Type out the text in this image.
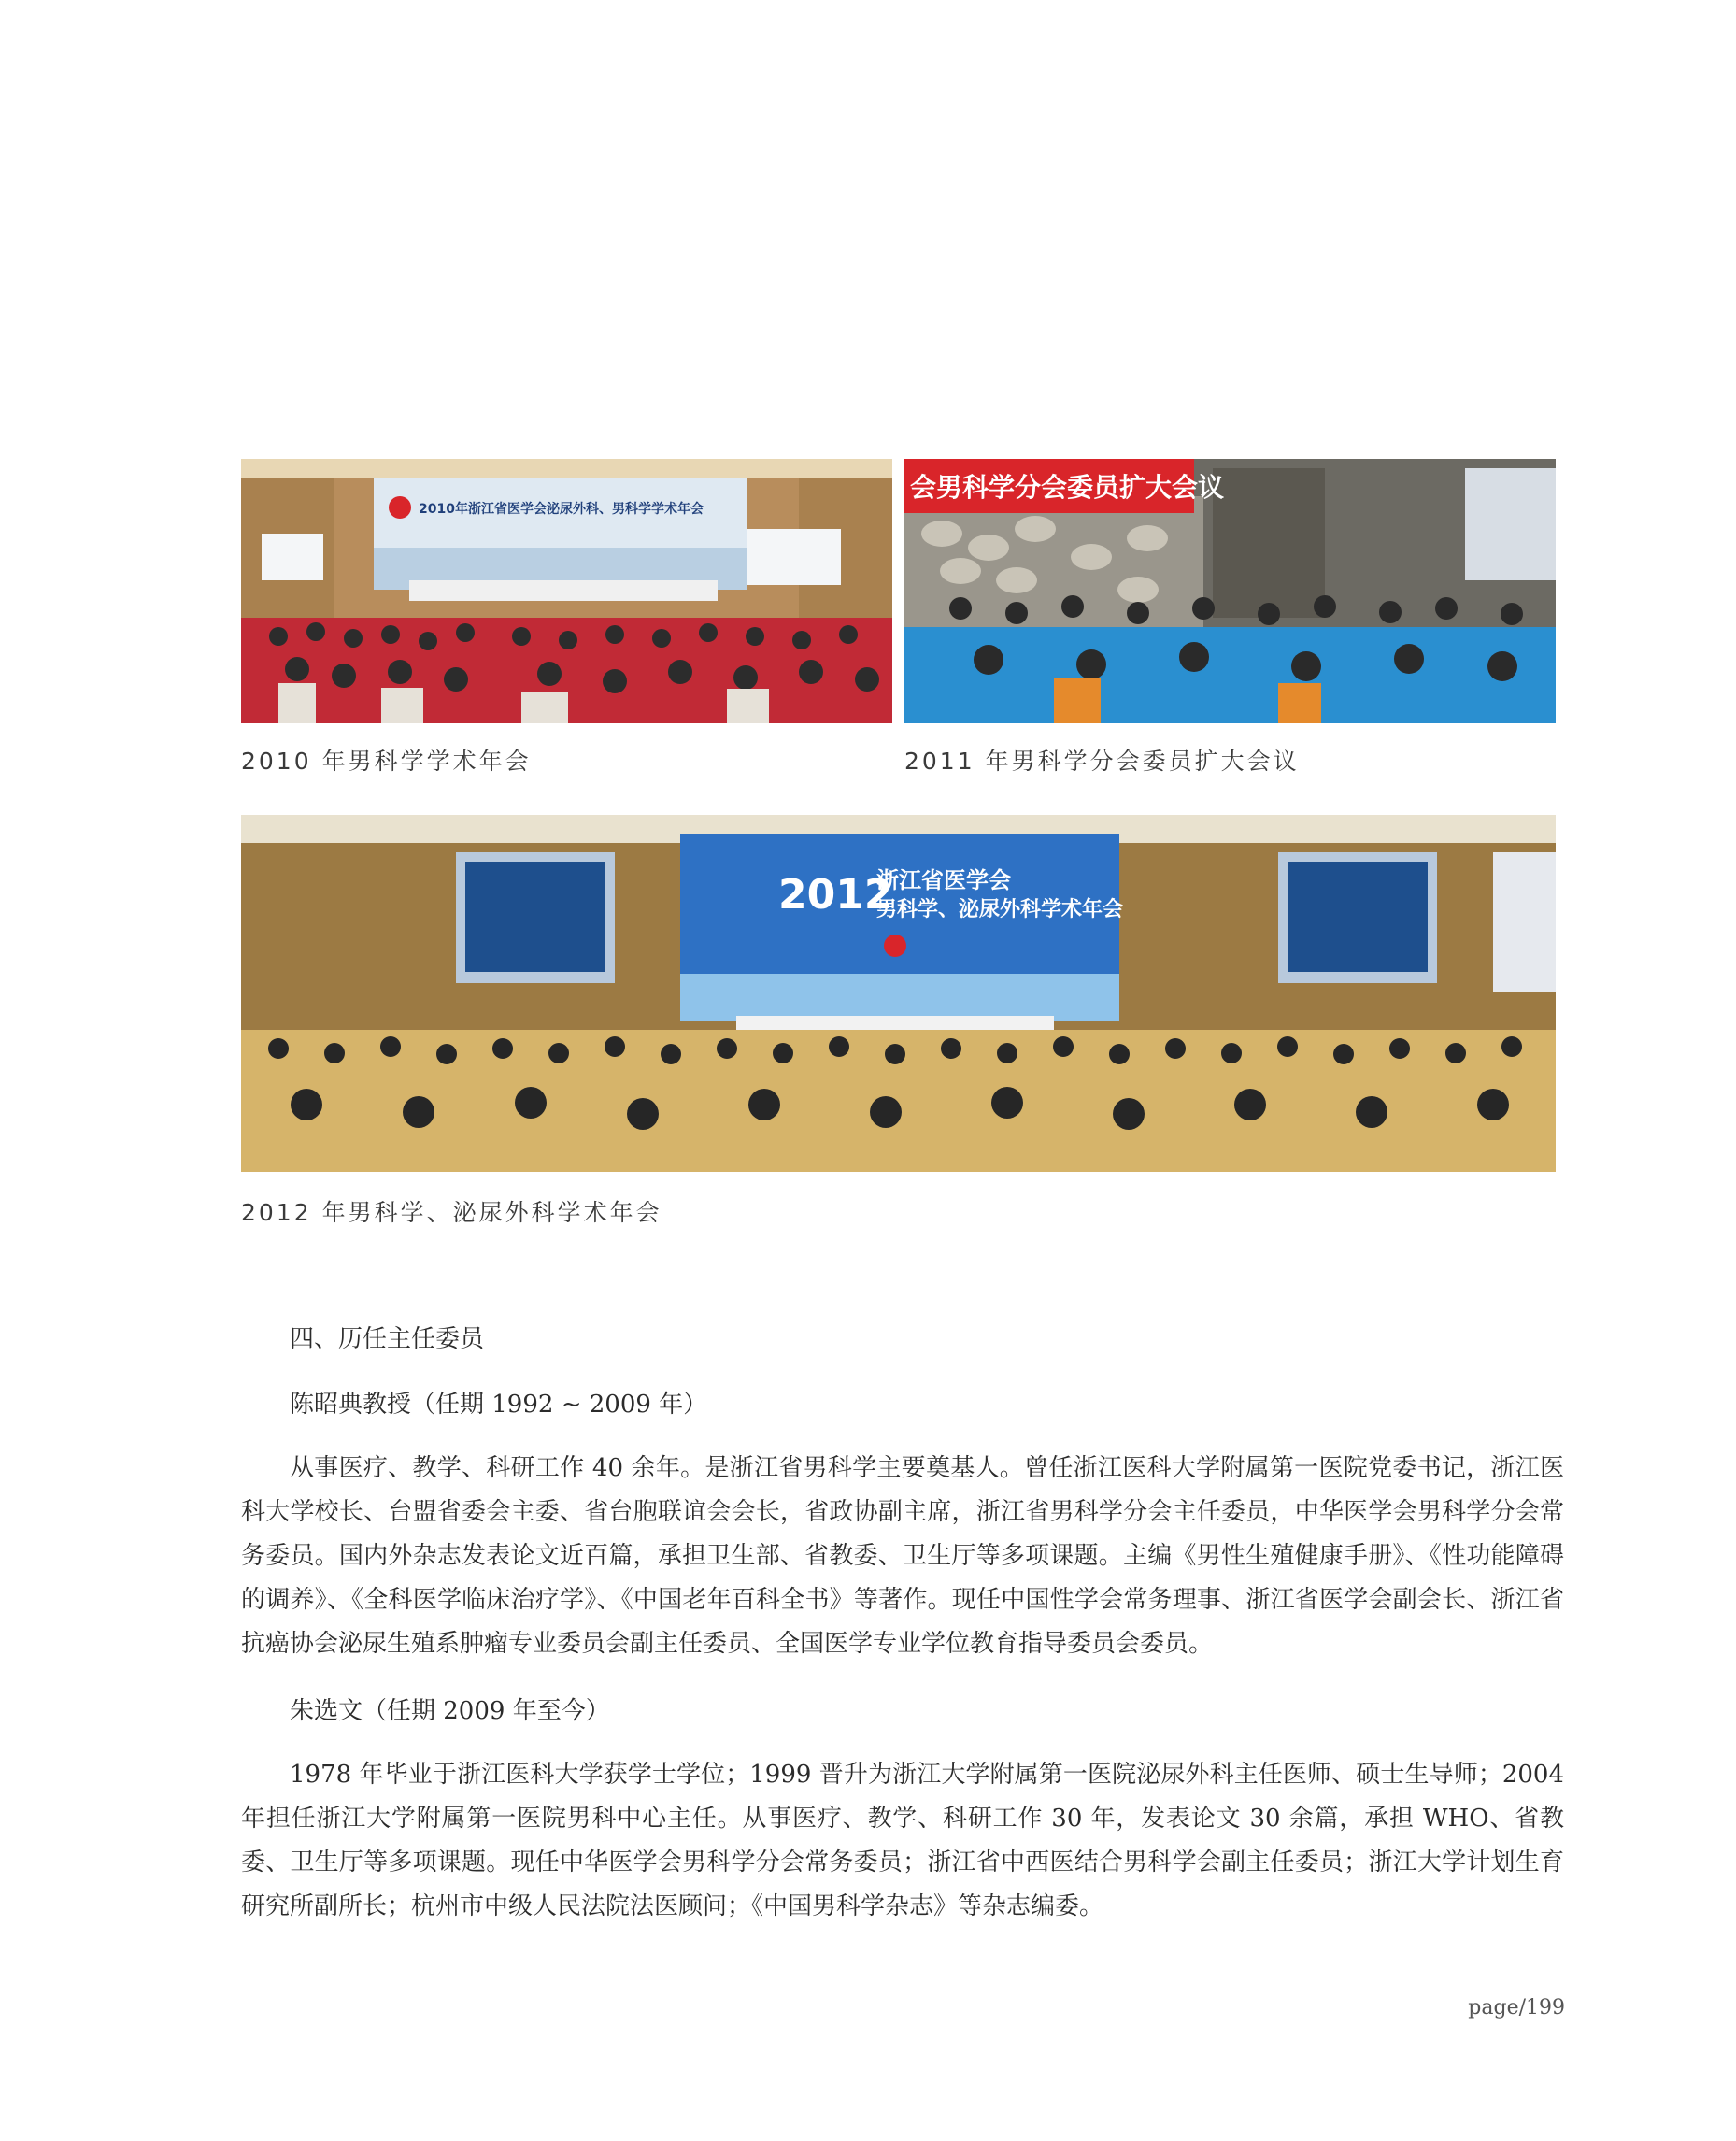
2010年浙江省医学会泌尿外科、男科学学术年会
2010 年男科学学术年会
会男科学分会委员扩大会议
2011 年男科学分会委员扩大会议
2012
浙江省医学会
男科学、泌尿外科学术年会
2012 年男科学、泌尿外科学术年会
四、历任主任委员
陈昭典教授（任期 1992 ~ 2009 年）
从事医疗、教学、科研工作 40 余年。是浙江省男科学主要奠基人。曾任浙江医科大学附属第一医院党委书记，浙江医科大学校长、台盟省委会主委、省台胞联谊会会长，省政协副主席，浙江省男科学分会主任委员，中华医学会男科学分会常务委员。国内外杂志发表论文近百篇，承担卫生部、省教委、卫生厅等多项课题。主编《男性生殖健康手册》、《性功能障碍的调养》、《全科医学临床治疗学》、《中国老年百科全书》等著作。现任中国性学会常务理事、浙江省医学会副会长、浙江省抗癌协会泌尿生殖系肿瘤专业委员会副主任委员、全国医学专业学位教育指导委员会委员。
朱选文（任期 2009 年至今）
1978 年毕业于浙江医科大学获学士学位；1999 晋升为浙江大学附属第一医院泌尿外科主任医师、硕士生导师；2004 年担任浙江大学附属第一医院男科中心主任。从事医疗、教学、科研工作 30 年，发表论文 30 余篇，承担 WHO、省教委、卫生厅等多项课题。现任中华医学会男科学分会常务委员；浙江省中西医结合男科学会副主任委员；浙江大学计划生育研究所副所长；杭州市中级人民法院法医顾问；《中国男科学杂志》等杂志编委。
page/199
